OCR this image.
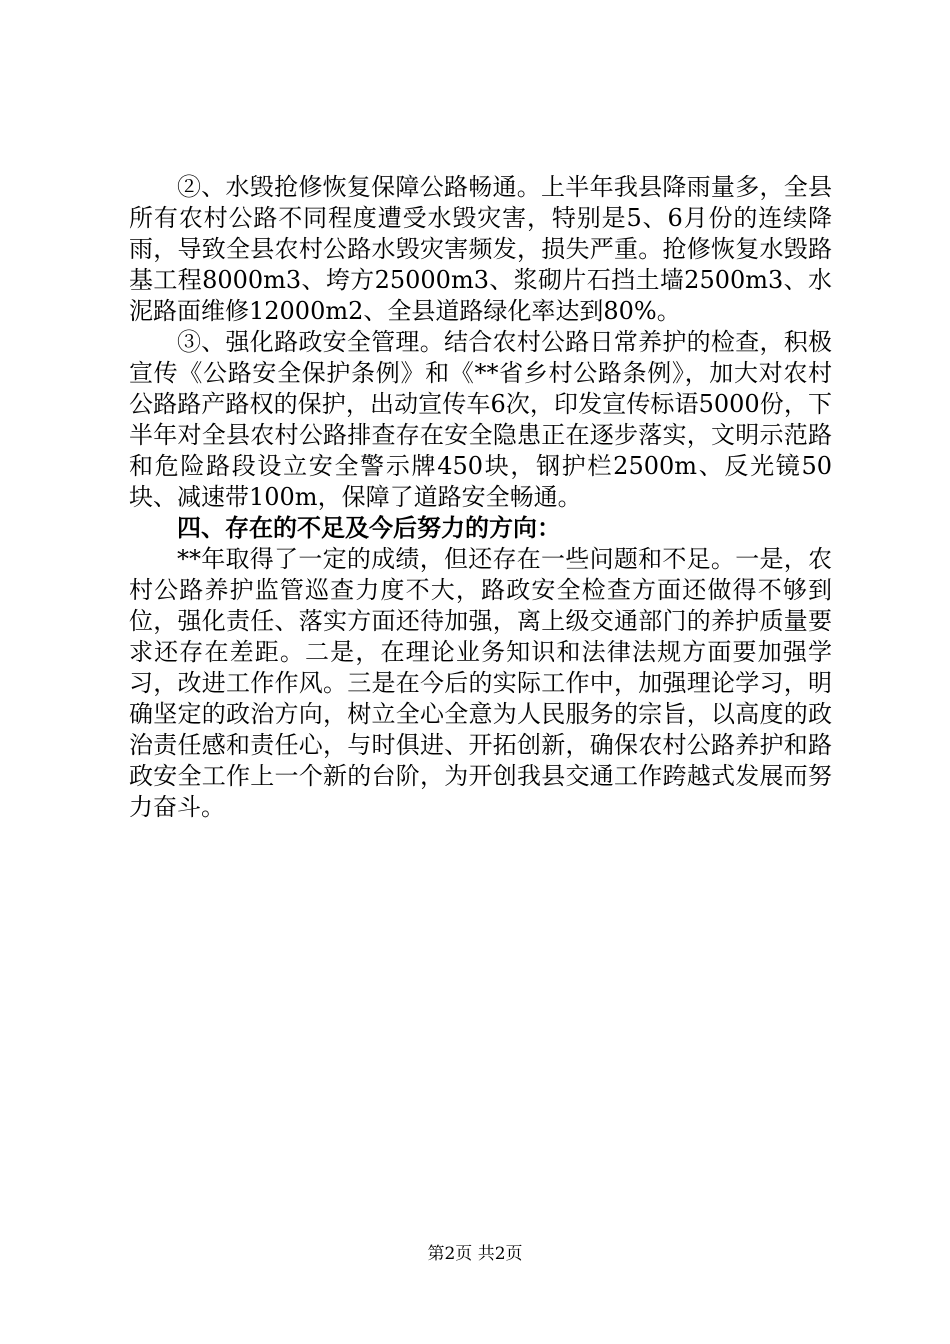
②、水毁抢修恢复保障公路畅通。上半年我县降雨量多，全县所有农村公路不同程度遭受水毁灾害，特别是5、6月份的连续降雨，导致全县农村公路水毁灾害频发，损失严重。抢修恢复水毁路基工程8000m3、垮方25000m3、浆砌片石挡土墙2500m3、水泥路面维修12000m2、全县道路绿化率达到80%。

③、强化路政安全管理。结合农村公路日常养护的检查，积极宣传《公路安全保护条例》和《**省乡村公路条例》，加大对农村公路路产路权的保护，出动宣传车6次，印发宣传标语5000份，下半年对全县农村公路排查存在安全隐患正在逐步落实，文明示范路和危险路段设立安全警示牌450块，钢护栏2500m、反光镜50块、减速带100m，保障了道路安全畅通。

四、存在的不足及今后努力的方向：

**年取得了一定的成绩，但还存在一些问题和不足。一是，农村公路养护监管巡查力度不大，路政安全检查方面还做得不够到位，强化责任、落实方面还待加强，离上级交通部门的养护质量要求还存在差距。二是，在理论业务知识和法律法规方面要加强学习，改进工作作风。三是在今后的实际工作中，加强理论学习，明确坚定的政治方向，树立全心全意为人民服务的宗旨，以高度的政治责任感和责任心，与时俱进、开拓创新，确保农村公路养护和路政安全工作上一个新的台阶，为开创我县交通工作跨越式发展而努力奋斗。

第2页 共2页
